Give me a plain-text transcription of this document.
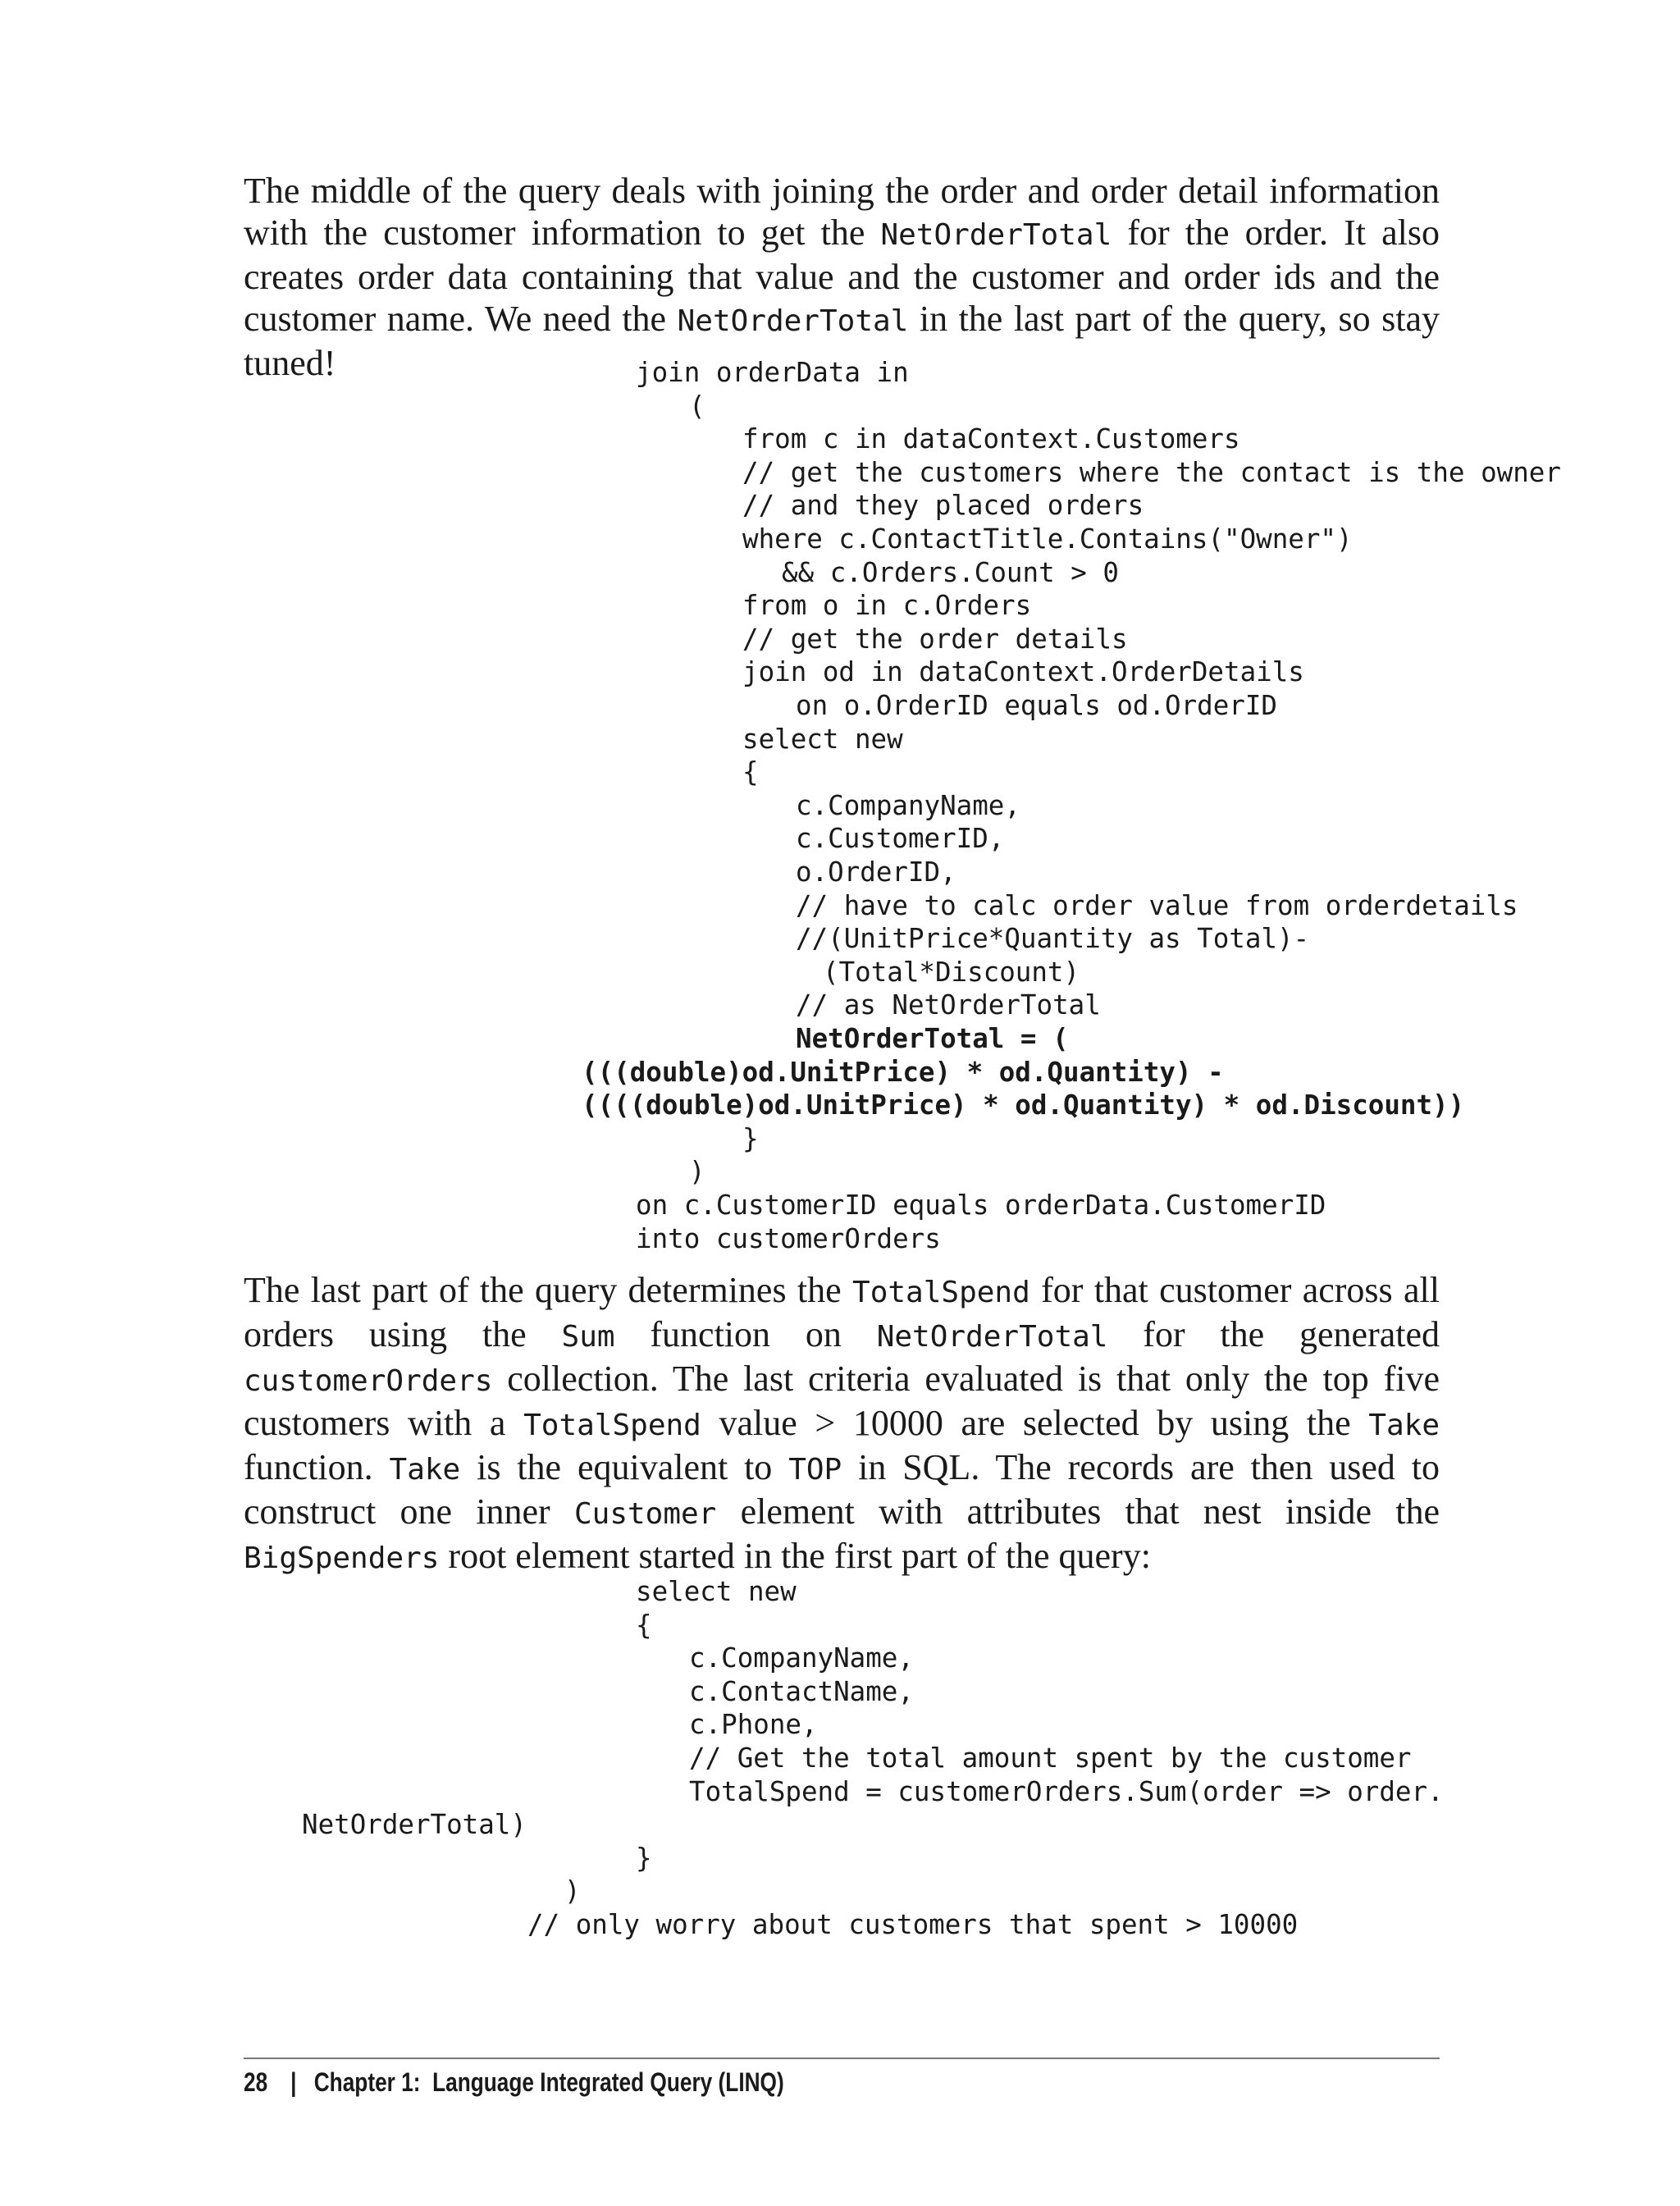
The middle of the query deals with joining the order and order detail information with the customer information to get the NetOrderTotal for the order. It also creates order data containing that value and the customer and order ids and the customer name. We need the NetOrderTotal in the last part of the query, so stay tuned!	join orderData in
(
from c in dataContext.Customers
// get the customers where the contact is the owner
// and they placed orders
where c.ContactTitle.Contains("Owner")
&& c.Orders.Count > 0
from o in c.Orders
// get the order details
join od in dataContext.OrderDetails
on o.OrderID equals od.OrderID
select new
{
c.CompanyName,
c.CustomerID,
o.OrderID,
// have to calc order value from orderdetails
//(UnitPrice*Quantity as Total)-
(Total*Discount)
// as NetOrderTotal
NetOrderTotal = (
(((double)od.UnitPrice) * od.Quantity) -
((((double)od.UnitPrice) * od.Quantity) * od.Discount))
}
)
on c.CustomerID equals orderData.CustomerID
into customerOrders

The last part of the query determines the TotalSpend for that customer across all orders using the Sum function on NetOrderTotal for the generated customerOrders collection. The last criteria evaluated is that only the top five customers with a TotalSpend value > 10000 are selected by using the Take function. Take is the equivalent to TOP in SQL. The records are then used to construct one inner Customer element with attributes that nest inside the BigSpenders root element started in the first part of the query:

select new
{
c.CompanyName,
c.ContactName,
c.Phone,
// Get the total amount spent by the customer
TotalSpend = customerOrders.Sum(order => order.
NetOrderTotal)
}
)
// only worry about customers that spent > 10000
28 | Chapter 1:  Language Integrated Query (LINQ)
